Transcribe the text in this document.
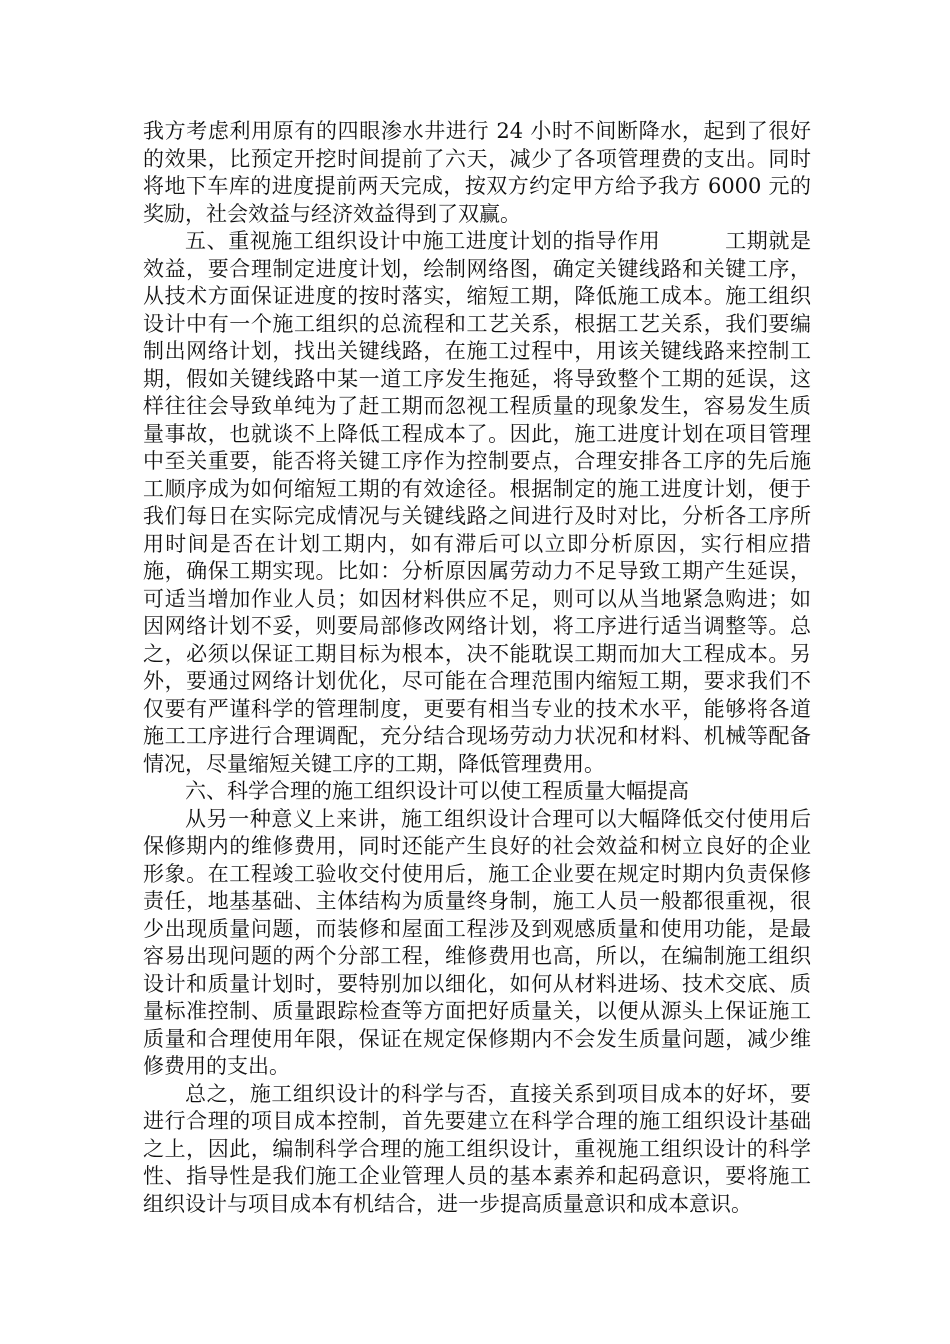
我方考虑利用原有的四眼渗水井进行 24 小时不间断降水，起到了很好的效果，比预定开挖时间提前了六天，减少了各项管理费的支出。同时将地下车库的进度提前两天完成，按双方约定甲方给予我方 6000 元的奖励，社会效益与经济效益得到了双赢。

五、重视施工组织设计中施工进度计划的指导作用　　　工期就是效益，要合理制定进度计划，绘制网络图，确定关键线路和关键工序，从技术方面保证进度的按时落实，缩短工期，降低施工成本。施工组织设计中有一个施工组织的总流程和工艺关系，根据工艺关系，我们要编制出网络计划，找出关键线路，在施工过程中，用该关键线路来控制工期，假如关键线路中某一道工序发生拖延，将导致整个工期的延误，这样往往会导致单纯为了赶工期而忽视工程质量的现象发生，容易发生质量事故，也就谈不上降低工程成本了。因此，施工进度计划在项目管理中至关重要，能否将关键工序作为控制要点，合理安排各工序的先后施工顺序成为如何缩短工期的有效途径。根据制定的施工进度计划，便于我们每日在实际完成情况与关键线路之间进行及时对比，分析各工序所用时间是否在计划工期内，如有滞后可以立即分析原因，实行相应措施，确保工期实现。比如：分析原因属劳动力不足导致工期产生延误，可适当增加作业人员；如因材料供应不足，则可以从当地紧急购进；如因网络计划不妥，则要局部修改网络计划，将工序进行适当调整等。总之，必须以保证工期目标为根本，决不能耽误工期而加大工程成本。另外，要通过网络计划优化，尽可能在合理范围内缩短工期，要求我们不仅要有严谨科学的管理制度，更要有相当专业的技术水平，能够将各道施工工序进行合理调配，充分结合现场劳动力状况和材料、机械等配备情况，尽量缩短关键工序的工期，降低管理费用。

六、科学合理的施工组织设计可以使工程质量大幅提高

从另一种意义上来讲，施工组织设计合理可以大幅降低交付使用后保修期内的维修费用，同时还能产生良好的社会效益和树立良好的企业形象。在工程竣工验收交付使用后，施工企业要在规定时期内负责保修责任，地基基础、主体结构为质量终身制，施工人员一般都很重视，很少出现质量问题，而装修和屋面工程涉及到观感质量和使用功能，是最容易出现问题的两个分部工程，维修费用也高，所以，在编制施工组织设计和质量计划时，要特别加以细化，如何从材料进场、技术交底、质量标准控制、质量跟踪检查等方面把好质量关，以便从源头上保证施工质量和合理使用年限，保证在规定保修期内不会发生质量问题，减少维修费用的支出。

总之，施工组织设计的科学与否，直接关系到项目成本的好坏，要进行合理的项目成本控制，首先要建立在科学合理的施工组织设计基础之上，因此，编制科学合理的施工组织设计，重视施工组织设计的科学性、指导性是我们施工企业管理人员的基本素养和起码意识，要将施工组织设计与项目成本有机结合，进一步提高质量意识和成本意识。
